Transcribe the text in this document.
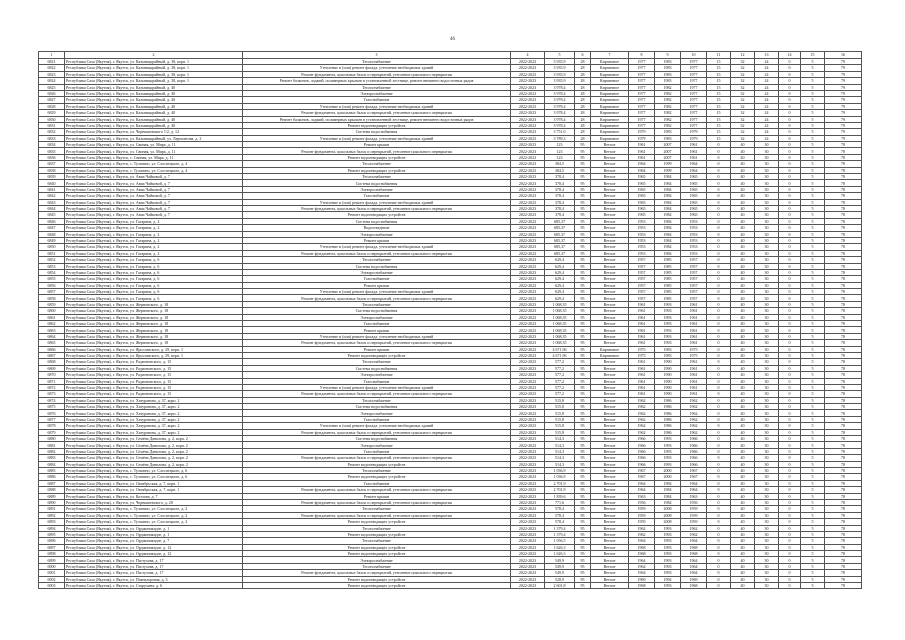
46
1	2	3	4	5	6	7	8	9	10	11	12	13	14	15	16
6821	Республика Саха (Якутия), г. Якутск, ул. Кальвицкрайный, д. 38, корп. 1	Теплоснабжение	2022-2023	3 935,9	28	Кирпичное	1977	1983	1977	15	32	24	0	5	79
6822	Республика Саха (Якутия), г. Якутск, ул. Кальвицкрайный, д. 38, корп. 1	Утепление и (или) ремонт фасада, утепление необходимых зданий	2022-2023	3 935,9	28	Кирпичное	1977	1983	1977	15	32	24	0	5	79
6823	Республика Саха (Якутия), г. Якутск, ул. Кальвицкрайный, д. 38, корп. 1	Ремонт фундамента, цокольных балок и перекрытий, утепление цокольного перекрытия	2022-2023	3 935,9	28	Кирпичное	1977	1983	1977	15	32	24	0	5	79
6824	Республика Саха (Якутия), г. Якутск, ул. Кальвицкрайный, д. 38, корп. 1	Ремонт балконов, лоджий, полимерных крыльев в установленной лестнице, ремонт внешнего водосточных рядов	2022-2023	3 935,9	28	Кирпичное	1977	1983	1977	15	32	24	0	5	79
6825	Республика Саха (Якутия), г. Якутск, ул. Кальвицкрайный, д. 40	Теплоснабжение	2022-2023	3 978,4	28	Кирпичное	1977	1982	1977	15	32	24	0	5	79
6826	Республика Саха (Якутия), г. Якутск, ул. Кальвицкрайный, д. 40	Электроснабжение	2022-2023	3 978,4	28	Кирпичное	1977	1982	1977	15	32	24	0	5	79
6827	Республика Саха (Якутия), г. Якутск, ул. Кальвицкрайный, д. 40	Газоснабжение	2022-2023	3 978,4	28	Кирпичное	1977	1982	1977	15	32	24	0	5	79
6828	Республика Саха (Якутия), г. Якутск, ул. Кальвицкрайный, д. 40	Утепление и (или) ремонт фасада, утепление необходимых зданий	2022-2023	3 978,4	28	Кирпичное	1977	1982	1977	15	32	24	0	5	79
6829	Республика Саха (Якутия), г. Якутск, ул. Кальвицкрайный, д. 40	Ремонт фундамента, цокольных балок и перекрытий, утепление цокольного перекрытия	2022-2023	3 978,4	28	Кирпичное	1977	1982	1977	15	32	24	0	5	79
6830	Республика Саха (Якутия), г. Якутск, ул. Кальвицкрайный, д. 40	Ремонт балконов, лоджий, полимерных крыльев в установленной лестнице, ремонт внешнего водосточных рядов	2022-2023	3 978,4	28	Кирпичное	1977	1982	1977	15	32	24	0	5	79
6831	Республика Саха (Якутия), г. Якутск, ул. Кальвицкрайный, д. 40	Ремонт водоотводящих устройств	2022-2023	3 978,4	28	Кирпичное	1977	1982	1977	15	32	24	0	5	79
6832	Республика Саха (Якутия), г. Якутск, ул. Чернышевского 1/2, д. 12	Система водоснабжения	2022-2023	3 751,0	28	Кирпичное	1979	1983	1979	15	32	24	0	5	79
6833	Республика Саха (Якутия), г. Якутск, ул. Кальвицкрайный, ул. Лермонтова, д. 2	Утепление и (или) ремонт фасада, утепление необходимых зданий	2022-2023	3 789,3	28	Кирпичное	1979	1983	1979	15	32	24	0	5	79
6834	Республика Саха (Якутия), г. Якутск, ул. Свиная, ул. Мира, д. 11	Ремонт крыши	2022-2023	123	95	Ветхое	1961	2007	1961	0	40	30	0	5	78
6835	Республика Саха (Якутия), г. Якутск, ул. Свиная, ул. Мира, д. 11	Ремонт фундамента, цокольных балок и перекрытий, утепление цокольного перекрытия	2022-2023	123	95	Ветхое	1961	2007	1961	0	40	30	0	5	78
6836	Республика Саха (Якутия), г. Якутск, с. Свиная, ул. Мира, д. 11	Ремонт водоотводящих устройств	2022-2023	123	95	Ветхое	1961	2007	1961	0	40	30	0	5	78
6837	Республика Саха (Якутия), г. Якутск, с. Тулагино, ул. Слоспецкого, д. 4	Теплоснабжение	2022-2023	384,5	95	Ветхое	1964	1999	1964	0	40	30	0	5	78
6838	Республика Саха (Якутия), г. Якутск, с. Тулагино, ул. Слоспецкого, д. 4	Ремонт водоотводящих устройств	2022-2023	384,5	95	Ветхое	1964	1999	1964	0	40	30	0	5	78
6839	Республика Саха (Якутия), г. Якутск, ул. Авиа Чайковой, д. 7	Теплоснабжение	2022-2023	378,4	95	Ветхое	1965	1984	1965	0	40	30	0	5	78
6840	Республика Саха (Якутия), г. Якутск, ул. Авиа Чайковой, д. 7	Система водоснабжения	2022-2023	378,4	95	Ветхое	1965	1984	1965	0	40	30	0	5	78
6841	Республика Саха (Якутия), г. Якутск, ул. Авиа Чайковой, д. 7	Электроснабжение	2022-2023	378,4	95	Ветхое	1965	1984	1965	0	40	30	0	5	78
6842	Республика Саха (Якутия), г. Якутск, ул. Авиа Чайковой, д. 7	Газоснабжение	2022-2023	378,4	95	Ветхое	1965	1984	1965	0	40	30	0	5	78
6843	Республика Саха (Якутия), г. Якутск, ул. Авиа Чайковой, д. 7	Утепление и (или) ремонт фасада, утепление необходимых зданий	2022-2023	378,4	95	Ветхое	1965	1984	1965	0	40	30	0	5	78
6844	Республика Саха (Якутия), г. Якутск, ул. Авиа Чайковой, д. 7	Ремонт фундамента, цокольных балок и перекрытий, утепление цокольного перекрытия	2022-2023	378,4	95	Ветхое	1965	1984	1965	0	40	30	0	5	78
6845	Республика Саха (Якутия), г. Якутск, ул. Авиа Чайковой, д. 7	Ремонт водоотводящих устройств	2022-2023	378,4	95	Ветхое	1965	1984	1965	0	40	30	0	5	78
6846	Республика Саха (Якутия), г. Якутск, ул. Гагарина, д. 2	Система водоснабжения	2022-2023	685,37	95	Ветхое	1953	1984	1953	0	40	30	0	5	78
6847	Республика Саха (Якутия), г. Якутск, ул. Гагарина, д. 2	Водоотведение	2022-2023	685,37	95	Ветхое	1953	1984	1953	0	40	30	0	5	78
6848	Республика Саха (Якутия), г. Якутск, ул. Гагарина, д. 2	Электроснабжение	2022-2023	685,37	95	Ветхое	1953	1984	1953	0	40	30	0	5	78
6849	Республика Саха (Якутия), г. Якутск, ул. Гагарина, д. 2	Ремонт крыши	2022-2023	685,37	95	Ветхое	1953	1984	1953	0	40	30	0	5	78
6850	Республика Саха (Якутия), г. Якутск, ул. Гагарина, д. 2	Утепление и (или) ремонт фасада, утепление необходимых зданий	2022-2023	685,37	95	Ветхое	1953	1984	1953	0	40	30	0	5	78
6851	Республика Саха (Якутия), г. Якутск, ул. Гагарина, д. 2	Ремонт фундамента, цокольных балок и перекрытий, утепление цокольного перекрытия	2022-2023	685,37	95	Ветхое	1953	1984	1953	0	40	30	0	5	78
6852	Республика Саха (Якутия), г. Якутск, ул. Гагарина, д. 6	Теплоснабжение	2022-2023	629,4	95	Ветхое	1957	1985	1957	0	40	30	0	5	78
6853	Республика Саха (Якутия), г. Якутск, ул. Гагарина, д. 6	Система водоснабжения	2022-2023	629,4	95	Ветхое	1957	1985	1957	0	40	30	0	5	78
6854	Республика Саха (Якутия), г. Якутск, ул. Гагарина, д. 6	Электроснабжение	2022-2023	629,4	95	Ветхое	1957	1985	1957	0	40	30	0	5	78
6855	Республика Саха (Якутия), г. Якутск, ул. Гагарина, д. 6	Газоснабжение	2022-2023	629,4	95	Ветхое	1957	1985	1957	0	40	30	0	5	78
6856	Республика Саха (Якутия), г. Якутск, ул. Гагарина, д. 6	Ремонт крыши	2022-2023	629,4	95	Ветхое	1957	1985	1957	0	40	30	0	5	78
6857	Республика Саха (Якутия), г. Якутск, ул. Гагарина, д. 6	Утепление и (или) ремонт фасада, утепление необходимых зданий	2022-2023	629,4	95	Ветхое	1957	1985	1957	0	40	30	0	5	78
6858	Республика Саха (Якутия), г. Якутск, ул. Гагарина, д. 6	Ремонт фундамента, цокольных балок и перекрытий, утепление цокольного перекрытия	2022-2023	629,4	95	Ветхое	1957	1985	1957	0	40	30	0	5	78
6859	Республика Саха (Якутия), г. Якутск, ул. Жерновского, д. 18	Теплоснабжение	2022-2023	1 068,35	95	Ветхое	1961	1993	1961	0	40	30	0	5	78
6860	Республика Саха (Якутия), г. Якутск, ул. Жерновского, д. 18	Система водоснабжения	2022-2023	1 068,35	95	Ветхое	1961	1993	1961	0	40	30	0	5	78
6861	Республика Саха (Якутия), г. Якутск, ул. Жерновского, д. 18	Электроснабжение	2022-2023	1 068,35	95	Ветхое	1961	1993	1961	0	40	30	0	5	78
6862	Республика Саха (Якутия), г. Якутск, ул. Жерновского, д. 18	Газоснабжение	2022-2023	1 068,35	95	Ветхое	1961	1993	1961	0	40	30	0	5	78
6863	Республика Саха (Якутия), г. Якутск, ул. Жерновского, д. 18	Ремонт крыши	2022-2023	1 068,35	95	Ветхое	1961	1993	1961	0	40	30	0	5	78
6864	Республика Саха (Якутия), г. Якутск, ул. Жерновского, д. 18	Утепление и (или) ремонт фасада, утепление необходимых зданий	2022-2023	1 068,35	95	Ветхое	1961	1993	1961	0	40	30	0	5	78
6865	Республика Саха (Якутия), г. Якутск, ул. Жерновского, д. 18	Ремонт фундамента, цокольных балок и перекрытий, утепление цокольного перекрытия	2022-2023	1 068,35	95	Ветхое	1961	1993	1961	0	40	30	0	5	78
6866	Республика Саха (Якутия), г. Якутск, ул. Ярославского, д. 29, корп. 1	Ремонт крыши	2022-2023	4 671,96	95	Кирпичное	1975	1983	1975	0	40	30	0	5	78
6867	Республика Саха (Якутия), г. Якутск, ул. Ярославского, д. 29, корп. 1	Ремонт водоотводящих устройств	2022-2023	4 671,96	95	Кирпичное	1975	1983	1975	0	40	30	0	5	78
6868	Республика Саха (Якутия), г. Якутск, ул. Радионовского, д. 15	Теплоснабжение	2022-2023	577,2	95	Ветхое	1961	1990	1961	0	40	30	0	5	78
6869	Республика Саха (Якутия), г. Якутск, ул. Радионовского, д. 15	Система водоснабжения	2022-2023	577,2	95	Ветхое	1961	1990	1961	0	40	30	0	5	78
6870	Республика Саха (Якутия), г. Якутск, ул. Радионовского, д. 15	Электроснабжение	2022-2023	577,2	95	Ветхое	1961	1990	1961	0	40	30	0	5	78
6871	Республика Саха (Якутия), г. Якутск, ул. Радионовского, д. 15	Газоснабжение	2022-2023	577,2	95	Ветхое	1961	1990	1961	0	40	30	0	5	78
6872	Республика Саха (Якутия), г. Якутск, ул. Радионовского, д. 15	Утепление и (или) ремонт фасада, утепление необходимых зданий	2022-2023	577,2	95	Ветхое	1961	1990	1961	0	40	30	0	5	78
6873	Республика Саха (Якутия), г. Якутск, ул. Радионовского, д. 15	Ремонт фундамента, цокольных балок и перекрытий, утепление цокольного перекрытия	2022-2023	577,2	95	Ветхое	1961	1990	1961	0	40	30	0	5	78
6874	Республика Саха (Якутия), г. Якутск, ул. Хатуранова, д. 37, корп. 2	Теплоснабжение	2022-2023	515,8	95	Ветхое	1962	1986	1962	0	40	30	0	5	78
6875	Республика Саха (Якутия), г. Якутск, ул. Хатуранова, д. 37, корп. 2	Система водоснабжения	2022-2023	515,8	95	Ветхое	1962	1986	1962	0	40	30	0	5	78
6876	Республика Саха (Якутия), г. Якутск, ул. Хатуранова, д. 37, корп. 2	Электроснабжение	2022-2023	515,8	95	Ветхое	1962	1986	1962	0	40	30	0	5	78
6877	Республика Саха (Якутия), г. Якутск, ул. Хатуранова, д. 37, корп. 2	Газоснабжение	2022-2023	515,8	95	Ветхое	1962	1986	1962	0	40	30	0	5	78
6878	Республика Саха (Якутия), г. Якутск, ул. Хатуранова, д. 37, корп. 2	Утепление и (или) ремонт фасада, утепление необходимых зданий	2022-2023	515,8	95	Ветхое	1962	1986	1962	0	40	30	0	5	78
6879	Республика Саха (Якутия), г. Якутск, ул. Хатуранова, д. 37, корп. 2	Ремонт фундамента, цокольных балок и перекрытий, утепление цокольного перекрытия	2022-2023	515,8	95	Ветхое	1962	1986	1962	0	40	30	0	5	78
6880	Республика Саха (Якутия), г. Якутск, ул. Семёна Данилова, д. 2, корп. 2	Система водоснабжения	2022-2023	514,3	95	Ветхое	1966	1993	1966	0	40	30	0	5	78
6881	Республика Саха (Якутия), г. Якутск, ул. Семёна Данилова, д. 2, корп. 2	Электроснабжение	2022-2023	514,3	95	Ветхое	1966	1993	1966	0	40	30	0	5	78
6882	Республика Саха (Якутия), г. Якутск, ул. Семёна Данилова, д. 2, корп. 2	Газоснабжение	2022-2023	514,3	95	Ветхое	1966	1993	1966	0	40	30	0	5	78
6883	Республика Саха (Якутия), г. Якутск, ул. Семёна Данилова, д. 2, корп. 2	Ремонт фундамента, цокольных балок и перекрытий, утепление цокольного перекрытия	2022-2023	514,3	95	Ветхое	1966	1993	1966	0	40	30	0	5	78
6884	Республика Саха (Якутия), г. Якутск, ул. Семёна Данилова, д. 2, корп. 2	Ремонт водоотводящих устройств	2022-2023	514,3	95	Ветхое	1966	1993	1966	0	40	30	0	5	78
6885	Республика Саха (Якутия), г. Якутск, с. Тулагино, ул. Слоспецкого, д. 6	Теплоснабжение	2022-2023	1 036,9	95	Ветхое	1967	2000	1967	0	40	30	0	5	78
6886	Республика Саха (Якутия), г. Якутск, с. Тулагино, ул. Слоспецкого, д. 6	Ремонт водоотводящих устройств	2022-2023	1 036,9	95	Ветхое	1967	2000	1967	0	40	30	0	5	78
6887	Республика Саха (Якутия), г. Якутск, ул. Октябрьская, д. 7, корп. 1	Газоснабжение	2022-2023	2 701,9	95	Ветхое	1964	1984	1964	0	40	30	0	5	78
6888	Республика Саха (Якутия), г. Якутск, ул. Октябрьская, д. 7, корп. 1	Ремонт фундамента, цокольных балок и перекрытий, утепление цокольного перекрытия	2022-2023	2 701,9	95	Ветхое	1964	1984	1964	0	40	30	0	5	78
6889	Республика Саха (Якутия), г. Якутск, ул. Котлова, д. 7	Ремонт крыши	2022-2023	1 839,6	95	Ветхое	1963	1984	1963	0	40	30	0	5	78
6890	Республика Саха (Якутия), г. Якутск, ул. Чернышевского, д. 20	Ремонт фундамента, цокольных балок и перекрытий, утепление цокольного перекрытия	2022-2023	771,6	95	Ветхое	1956	1984	1956	0	40	30	0	5	78
6891	Республика Саха (Якутия), г. Якутск, с. Тулагино, ул. Слоспецкого, д. 2	Теплоснабжение	2022-2023	578,4	95	Ветхое	1959	2008	1959	0	40	30	0	5	78
6892	Республика Саха (Якутия), г. Якутск, с. Тулагино, ул. Слоспецкого, д. 2	Ремонт фундамента, цокольных балок и перекрытий, утепление цокольного перекрытия	2022-2023	578,4	95	Ветхое	1959	2008	1959	0	40	30	0	5	78
6893	Республика Саха (Якутия), г. Якутск, с. Тулагино, ул. Слоспецкого, д. 2	Ремонт водоотводящих устройств	2022-2023	578,4	95	Ветхое	1959	2008	1959	0	40	30	0	5	78
6894	Республика Саха (Якутия), г. Якутск, ул. Орджоникидзе, д. 1	Теплоснабжение	2022-2023	1 379,4	95	Ветхое	1962	1993	1962	0	40	30	0	5	78
6895	Республика Саха (Якутия), г. Якутск, ул. Орджоникидзе, д. 1	Ремонт водоотводящих устройств	2022-2023	1 379,4	95	Ветхое	1962	1993	1962	0	40	30	0	5	78
6896	Республика Саха (Якутия), г. Якутск, ул. Орджоникидзе, д. 7	Теплоснабжение	2022-2023	1 056,5	95	Ветхое	1964	1993	1964	0	40	30	0	5	78
6897	Республика Саха (Якутия), г. Якутск, ул. Орджоникидзе, д. 12	Ремонт водоотводящих устройств	2022-2023	1 626,3	95	Ветхое	1968	1993	1968	0	40	30	0	5	78
6898	Республика Саха (Якутия), г. Якутск, ул. Орджоникидзе, д. 12	Ремонт водоотводящих устройств	2022-2023	1 626,3	95	Ветхое	1968	1993	1968	0	40	30	0	5	78
6899	Республика Саха (Якутия), г. Якутск, ул. Пастухова, д. 17	Электроснабжение	2022-2023	549,9	95	Ветхое	1964	1993	1964	0	40	30	0	5	78
6900	Республика Саха (Якутия), г. Якутск, ул. Пастухова, д. 17	Теплоснабжение	2022-2023	549,9	95	Ветхое	1964	1993	1964	0	40	30	0	5	78
6901	Республика Саха (Якутия), г. Якутск, ул. Пастухова, д. 17	Ремонт фундамента, цокольных балок и перекрытий, утепление цокольного перекрытия	2022-2023	549,9	95	Ветхое	1964	1993	1964	0	40	30	0	5	78
6902	Республика Саха (Якутия), г. Якутск, ул. Пояньзоровая, д. 3	Ремонт водоотводящих устройств	2022-2023	528,9	95	Ветхое	1969	1994	1969	0	40	30	0	5	78
6903	Республика Саха (Якутия), г. Якутск, ул. Старухина, д. 6	Ремонт водоотводящих устройств	2022-2023	2 601,8	95	Ветхое	1968	1993	1968	0	40	30	0	5	78
